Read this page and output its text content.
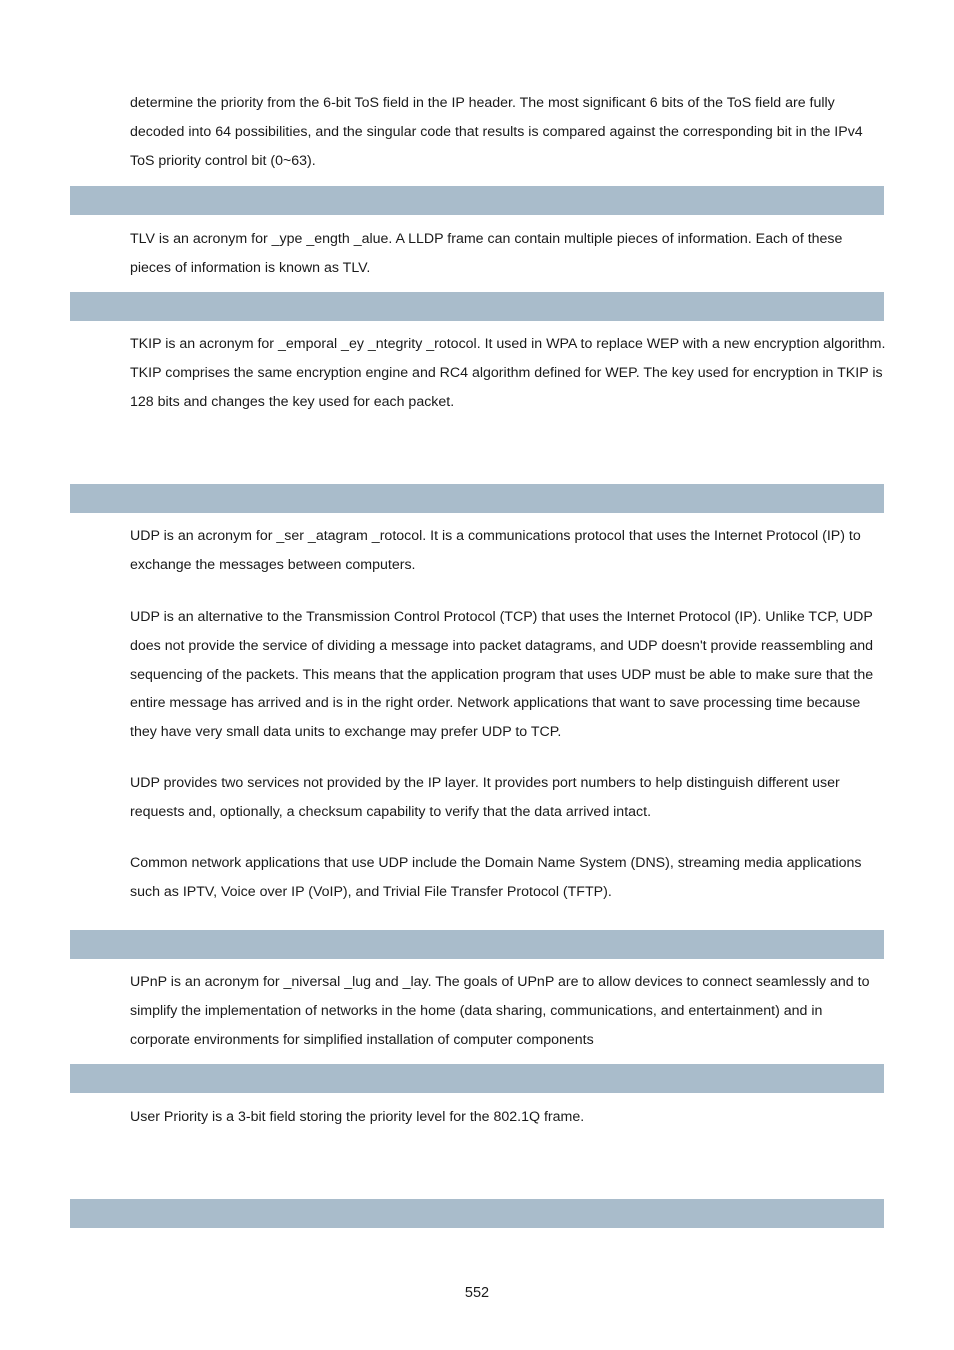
determine the priority from the 6-bit ToS field in the IP header. The most significant 6 bits of the ToS field are fully decoded into 64 possibilities, and the singular code that results is compared against the corresponding bit in the IPv4 ToS priority control bit (0~63).

TLV is an acronym for _ype _ength _alue. A LLDP frame can contain multiple pieces of information. Each of these pieces of information is known as TLV.

TKIP is an acronym for _emporal _ey _ntegrity _rotocol. It used in WPA to replace WEP with a new encryption algorithm. TKIP comprises the same encryption engine and RC4 algorithm defined for WEP. The key used for encryption in TKIP is 128 bits and changes the key used for each packet.

UDP is an acronym for _ser _atagram _rotocol. It is a communications protocol that uses the Internet Protocol (IP) to exchange the messages between computers.

UDP is an alternative to the Transmission Control Protocol (TCP) that uses the Internet Protocol (IP). Unlike TCP, UDP does not provide the service of dividing a message into packet datagrams, and UDP doesn't provide reassembling and sequencing of the packets. This means that the application program that uses UDP must be able to make sure that the entire message has arrived and is in the right order. Network applications that want to save processing time because they have very small data units to exchange may prefer UDP to TCP.

UDP provides two services not provided by the IP layer. It provides port numbers to help distinguish different user requests and, optionally, a checksum capability to verify that the data arrived intact.

Common network applications that use UDP include the Domain Name System (DNS), streaming media applications such as IPTV, Voice over IP (VoIP), and Trivial File Transfer Protocol (TFTP).

UPnP is an acronym for _niversal _lug and _lay. The goals of UPnP are to allow devices to connect seamlessly and to simplify the implementation of networks in the home (data sharing, communications, and entertainment) and in corporate environments for simplified installation of computer components

User Priority is a 3-bit field storing the priority level for the 802.1Q frame.

552
